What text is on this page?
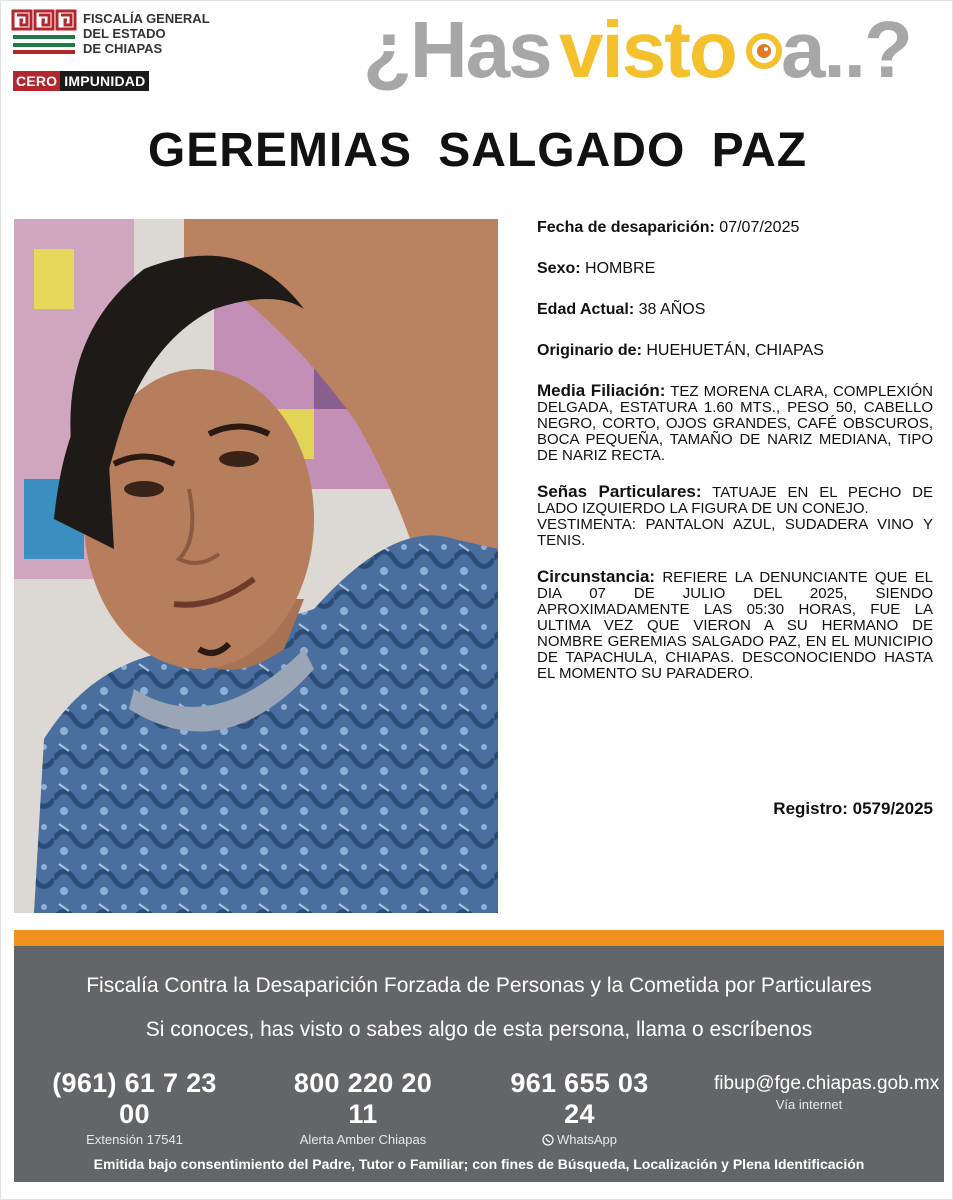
FISCALÍA GENERAL
DEL ESTADO
DE CHIAPAS
CERO IMPUNIDAD	¿Has visto a..?
GEREMIAS SALGADO PAZ
Fecha de desaparición: 07/07/2025
Sexo: HOMBRE
Edad Actual: 38 AÑOS
Originario de: HUEHUETÁN, CHIAPAS
Media Filiación: TEZ MORENA CLARA, COMPLEXIÓN DELGADA, ESTATURA 1.60 MTS., PESO 50, CABELLO NEGRO, CORTO, OJOS GRANDES, CAFÉ OBSCUROS, BOCA PEQUEÑA, TAMAÑO DE NARIZ MEDIANA, TIPO DE NARIZ RECTA.
Señas Particulares: TATUAJE EN EL PECHO DE LADO IZQUIERDO LA FIGURA DE UN CONEJO.
VESTIMENTA: PANTALON AZUL, SUDADERA VINO Y TENIS.
Circunstancia: REFIERE LA DENUNCIANTE QUE EL DIA 07 DE JULIO DEL 2025, SIENDO APROXIMADAMENTE LAS 05:30 HORAS, FUE LA ULTIMA VEZ QUE VIERON A SU HERMANO DE NOMBRE GEREMIAS SALGADO PAZ, EN EL MUNICIPIO DE TAPACHULA, CHIAPAS. DESCONOCIENDO HASTA EL MOMENTO SU PARADERO.
Registro: 0579/2025
Fiscalía Contra la Desaparición Forzada de Personas y la Cometida por Particulares
Si conoces, has visto o sabes algo de esta persona, llama o escríbenos
(961) 61 7 23 00
Extensión 17541
800 220 20 11
Alerta Amber Chiapas
961 655 03 24
WhatsApp
fibup@fge.chiapas.gob.mx
Vía internet
Emitida bajo consentimiento del Padre, Tutor o Familiar; con fines de Búsqueda, Localización y Plena Identificación
